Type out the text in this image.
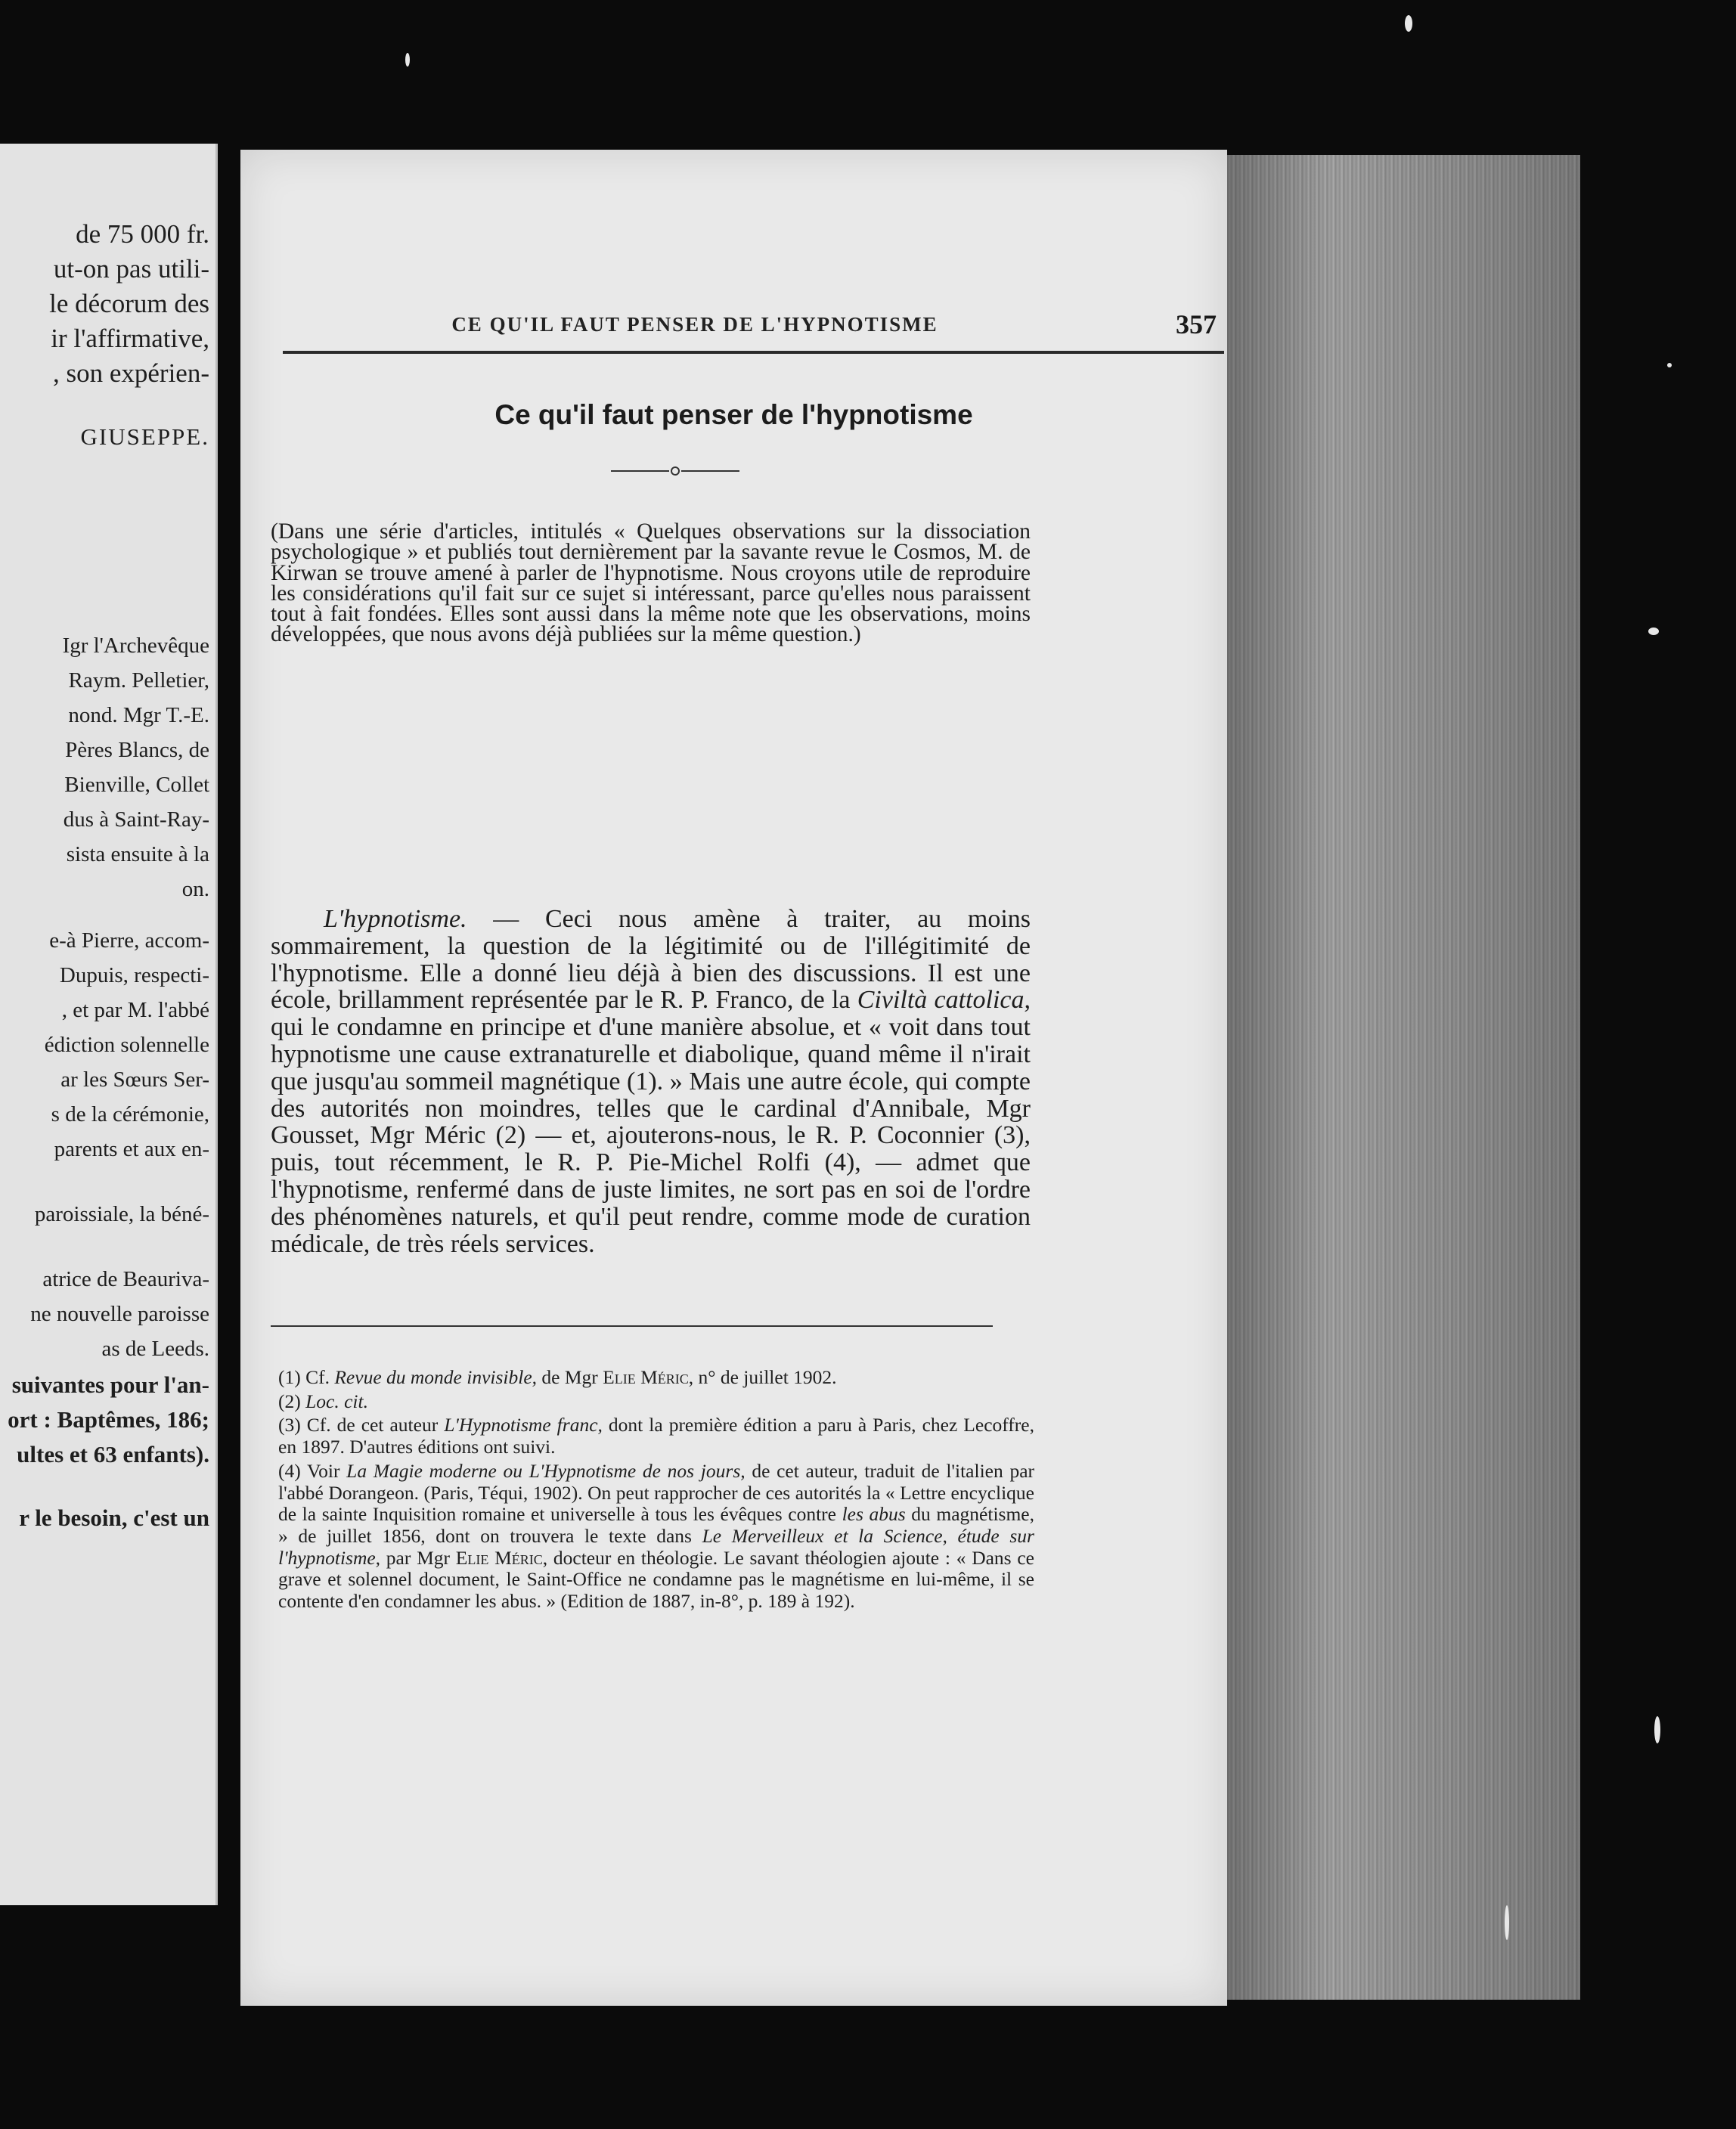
de 75 000 fr.
ut-on pas utili-
le décorum des
ir l'affirmative,
, son expérien-
GIUSEPPE.
Igr l'Archevêque
Raym. Pelletier,
nond. Mgr T.-E.
Pères Blancs, de
Bienville, Collet
dus à Saint-Ray-
sista ensuite à la
on.
e-à Pierre, accom-
Dupuis, respecti-
, et par M. l'abbé
édiction solennelle
ar les Sœurs Ser-
s de la cérémonie,
parents et aux en-
paroissiale, la béné-
atrice de Beauriva-
ne nouvelle paroisse
as de Leeds.
suivantes pour l'an-
ort : Baptêmes, 186;
ultes et 63 enfants).
r le besoin, c'est un
CE QU'IL FAUT PENSER DE L'HYPNOTISME	357
Ce qu'il faut penser de l'hypnotisme

(Dans une série d'articles, intitulés « Quelques observations sur la dissociation psychologique » et publiés tout dernièrement par la savante revue le Cosmos, M. de Kirwan se trouve amené à parler de l'hypnotisme. Nous croyons utile de reproduire les considérations qu'il fait sur ce sujet si intéressant, parce qu'elles nous paraissent tout à fait fondées. Elles sont aussi dans la même note que les observations, moins développées, que nous avons déjà publiées sur la même question.)

L'hypnotisme. — Ceci nous amène à traiter, au moins sommairement, la question de la légitimité ou de l'illégitimité de l'hypnotisme. Elle a donné lieu déjà à bien des discussions. Il est une école, brillamment représentée par le R. P. Franco, de la Civiltà cattolica, qui le condamne en principe et d'une manière absolue, et « voit dans tout hypnotisme une cause extranaturelle et diabolique, quand même il n'irait que jusqu'au sommeil magnétique (1). » Mais une autre école, qui compte des autorités non moindres, telles que le cardinal d'Annibale, Mgr Gousset, Mgr Méric (2) — et, ajouterons-nous, le R. P. Coconnier (3), puis, tout récemment, le R. P. Pie-Michel Rolfi (4), — admet que l'hypnotisme, renfermé dans de juste limites, ne sort pas en soi de l'ordre des phénomènes naturels, et qu'il peut rendre, comme mode de curation médicale, de très réels services.

(1) Cf. Revue du monde invisible, de Mgr Elie Méric, n° de juillet 1902.

(2) Loc. cit.

(3) Cf. de cet auteur L'Hypnotisme franc, dont la première édition a paru à Paris, chez Lecoffre, en 1897. D'autres éditions ont suivi.

(4) Voir La Magie moderne ou L'Hypnotisme de nos jours, de cet auteur, traduit de l'italien par l'abbé Dorangeon. (Paris, Téqui, 1902). On peut rapprocher de ces autorités la « Lettre encyclique de la sainte Inquisition romaine et universelle à tous les évêques contre les abus du magnétisme, » de juillet 1856, dont on trouvera le texte dans Le Merveilleux et la Science, étude sur l'hypnotisme, par Mgr Elie Méric, docteur en théologie. Le savant théologien ajoute : « Dans ce grave et solennel document, le Saint-Office ne condamne pas le magnétisme en lui-même, il se contente d'en condamner les abus. » (Edition de 1887, in-8°, p. 189 à 192).
